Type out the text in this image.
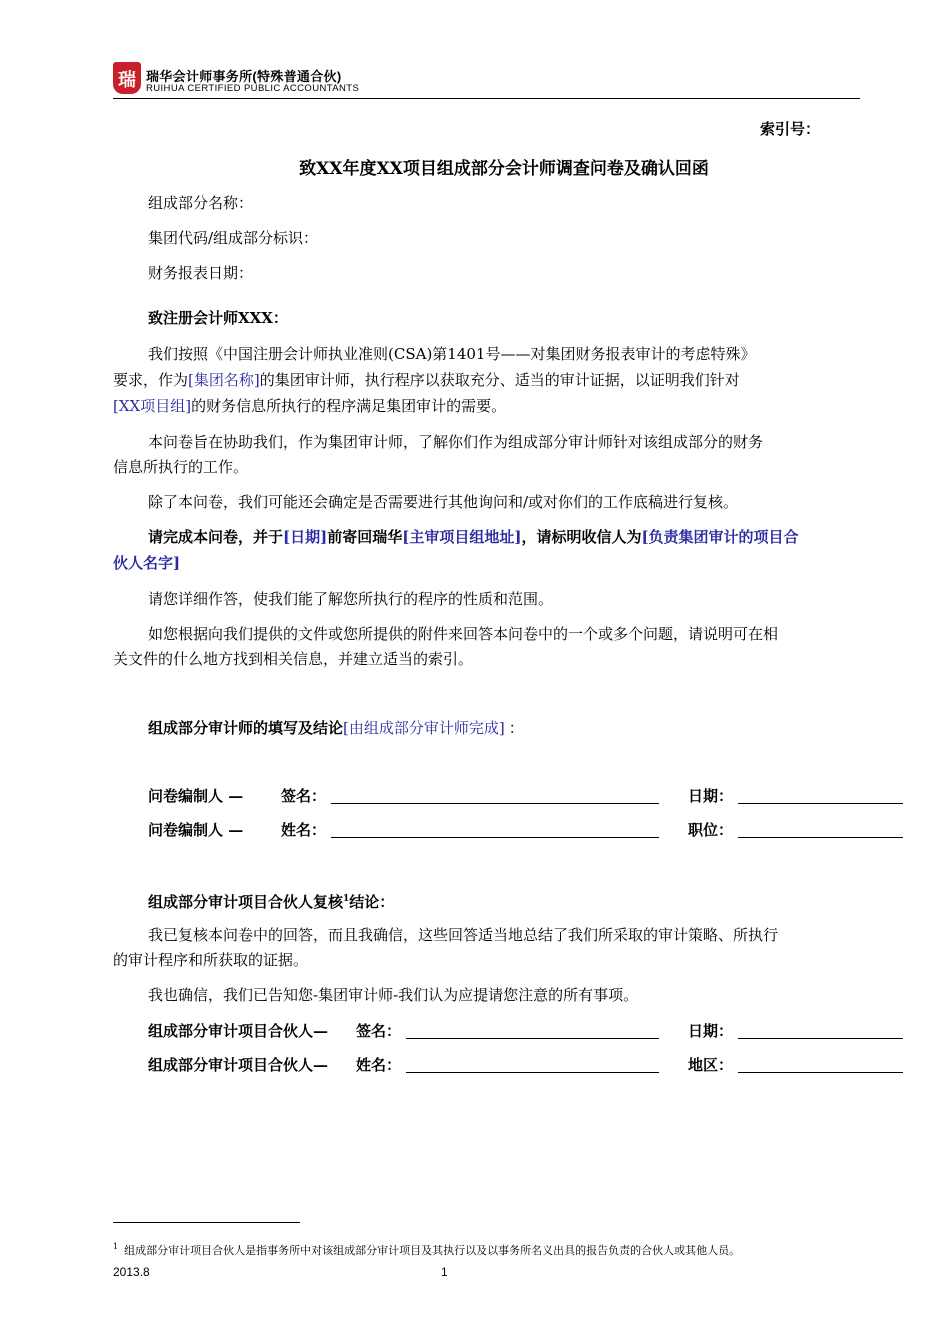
瑞 瑞华会计师事务所(特殊普通合伙)
RUIHUA CERTIFIED PUBLIC ACCOUNTANTS
索引号：
致XX年度XX项目组成部分会计师调查问卷及确认回函
组成部分名称：
集团代码/组成部分标识：
财务报表日期：
致注册会计师XXX：
我们按照《中国注册会计师执业准则(CSA)第1401号——对集团财务报表审计的考虑特殊》
要求，作为[集团名称]的集团审计师，执行程序以获取充分、适当的审计证据，以证明我们针对
[XX项目组]的财务信息所执行的程序满足集团审计的需要。
本问卷旨在协助我们，作为集团审计师，了解你们作为组成部分审计师针对该组成部分的财务
信息所执行的工作。
除了本问卷，我们可能还会确定是否需要进行其他询问和/或对你们的工作底稿进行复核。
请完成本问卷，并于[日期]前寄回瑞华[主审项目组地址]，请标明收信人为[负责集团审计的项目合
伙人名字]
请您详细作答，使我们能了解您所执行的程序的性质和范围。
如您根据向我们提供的文件或您所提供的附件来回答本问卷中的一个或多个问题，请说明可在相
关文件的什么地方找到相关信息，并建立适当的索引。
组成部分审计师的填写及结论[由组成部分审计师完成] ：
问卷编制人 —	签名：	日期：
问卷编制人 —	姓名：	职位：
组成部分审计项目合伙人复核$^1$结论：
我已复核本问卷中的回答，而且我确信，这些回答适当地总结了我们所采取的审计策略、所执行
的审计程序和所获取的证据。
我也确信，我们已告知您-集团审计师-我们认为应提请您注意的所有事项。
组成部分审计项目合伙人— 签名：	日期：
组成部分审计项目合伙人— 姓名：	地区：
$^1$ 组成部分审计项目合伙人是指事务所中对该组成部分审计项目及其执行以及以事务所名义出具的报告负责的合伙人或其他人员。
2013.8	1
